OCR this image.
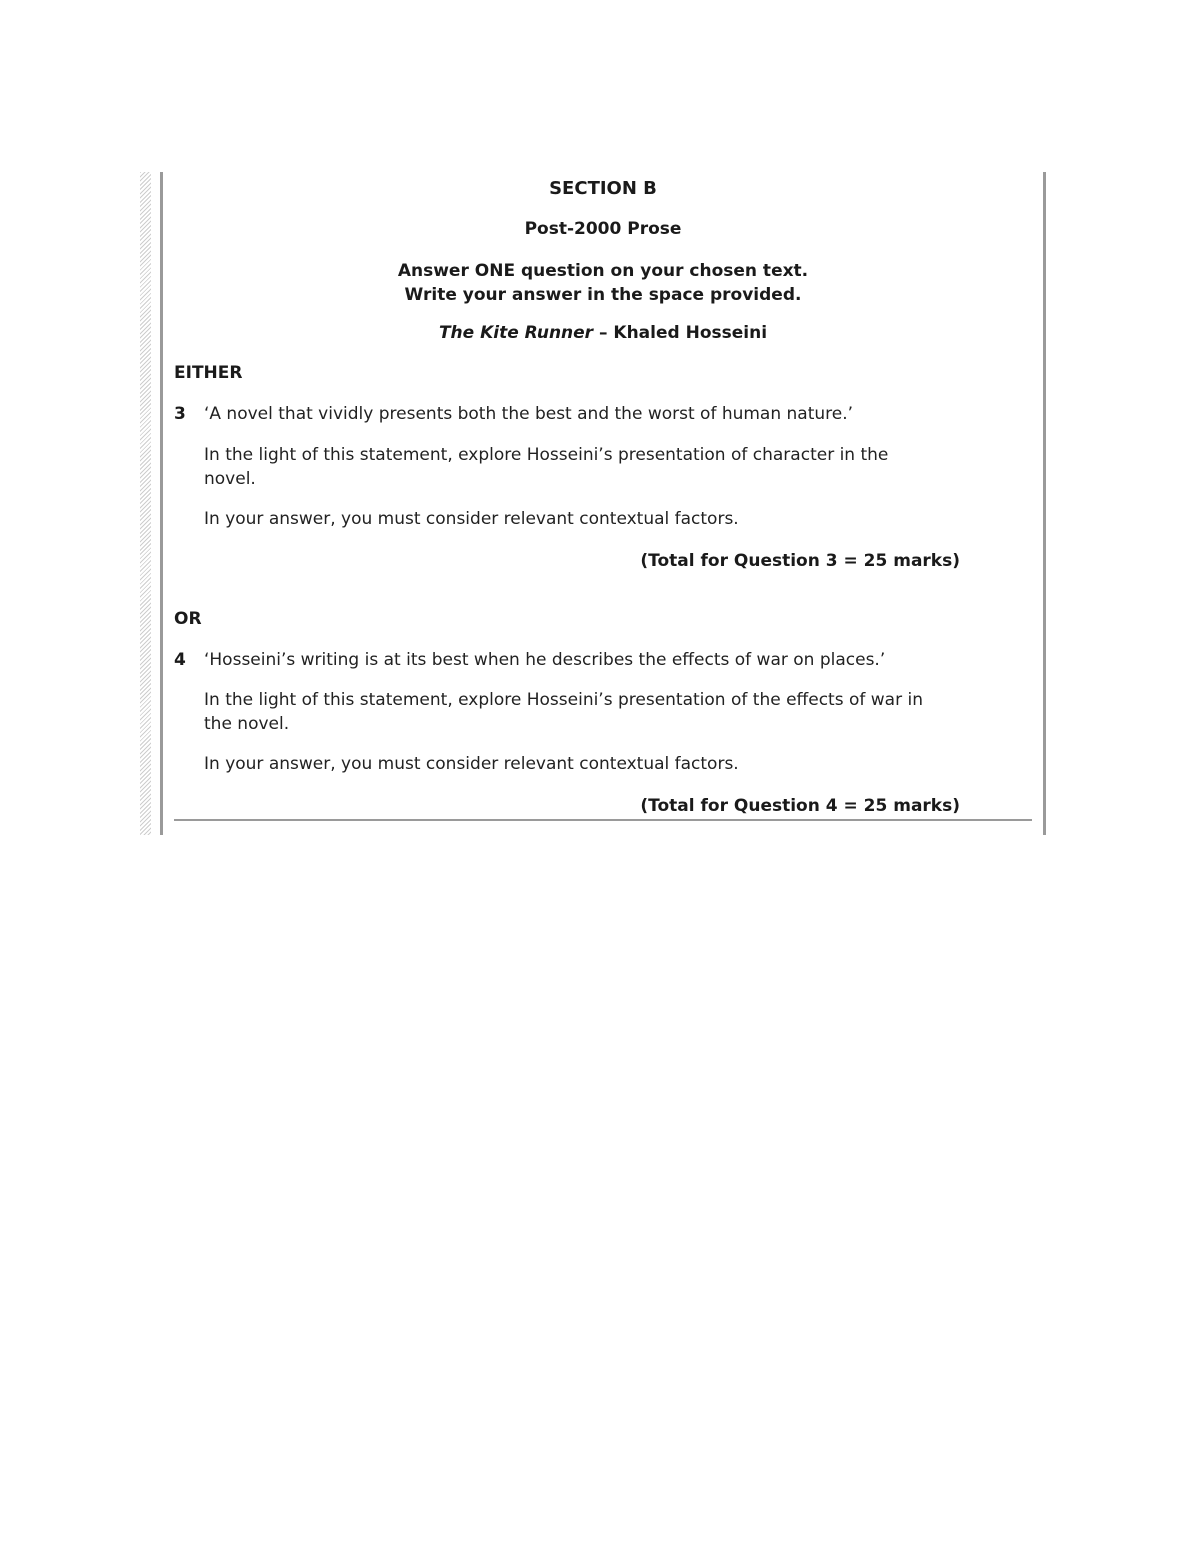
SECTION B
Post-2000 Prose
Answer ONE question on your chosen text.
Write your answer in the space provided.
The Kite Runner – Khaled Hosseini
EITHER
3 ‘A novel that vividly presents both the best and the worst of human nature.’
In the light of this statement, explore Hosseini’s presentation of character in the novel.
In your answer, you must consider relevant contextual factors.
(Total for Question 3 = 25 marks)
OR
4 ‘Hosseini’s writing is at its best when he describes the effects of war on places.’
In the light of this statement, explore Hosseini’s presentation of the effects of war in the novel.
In your answer, you must consider relevant contextual factors.
(Total for Question 4 = 25 marks)
